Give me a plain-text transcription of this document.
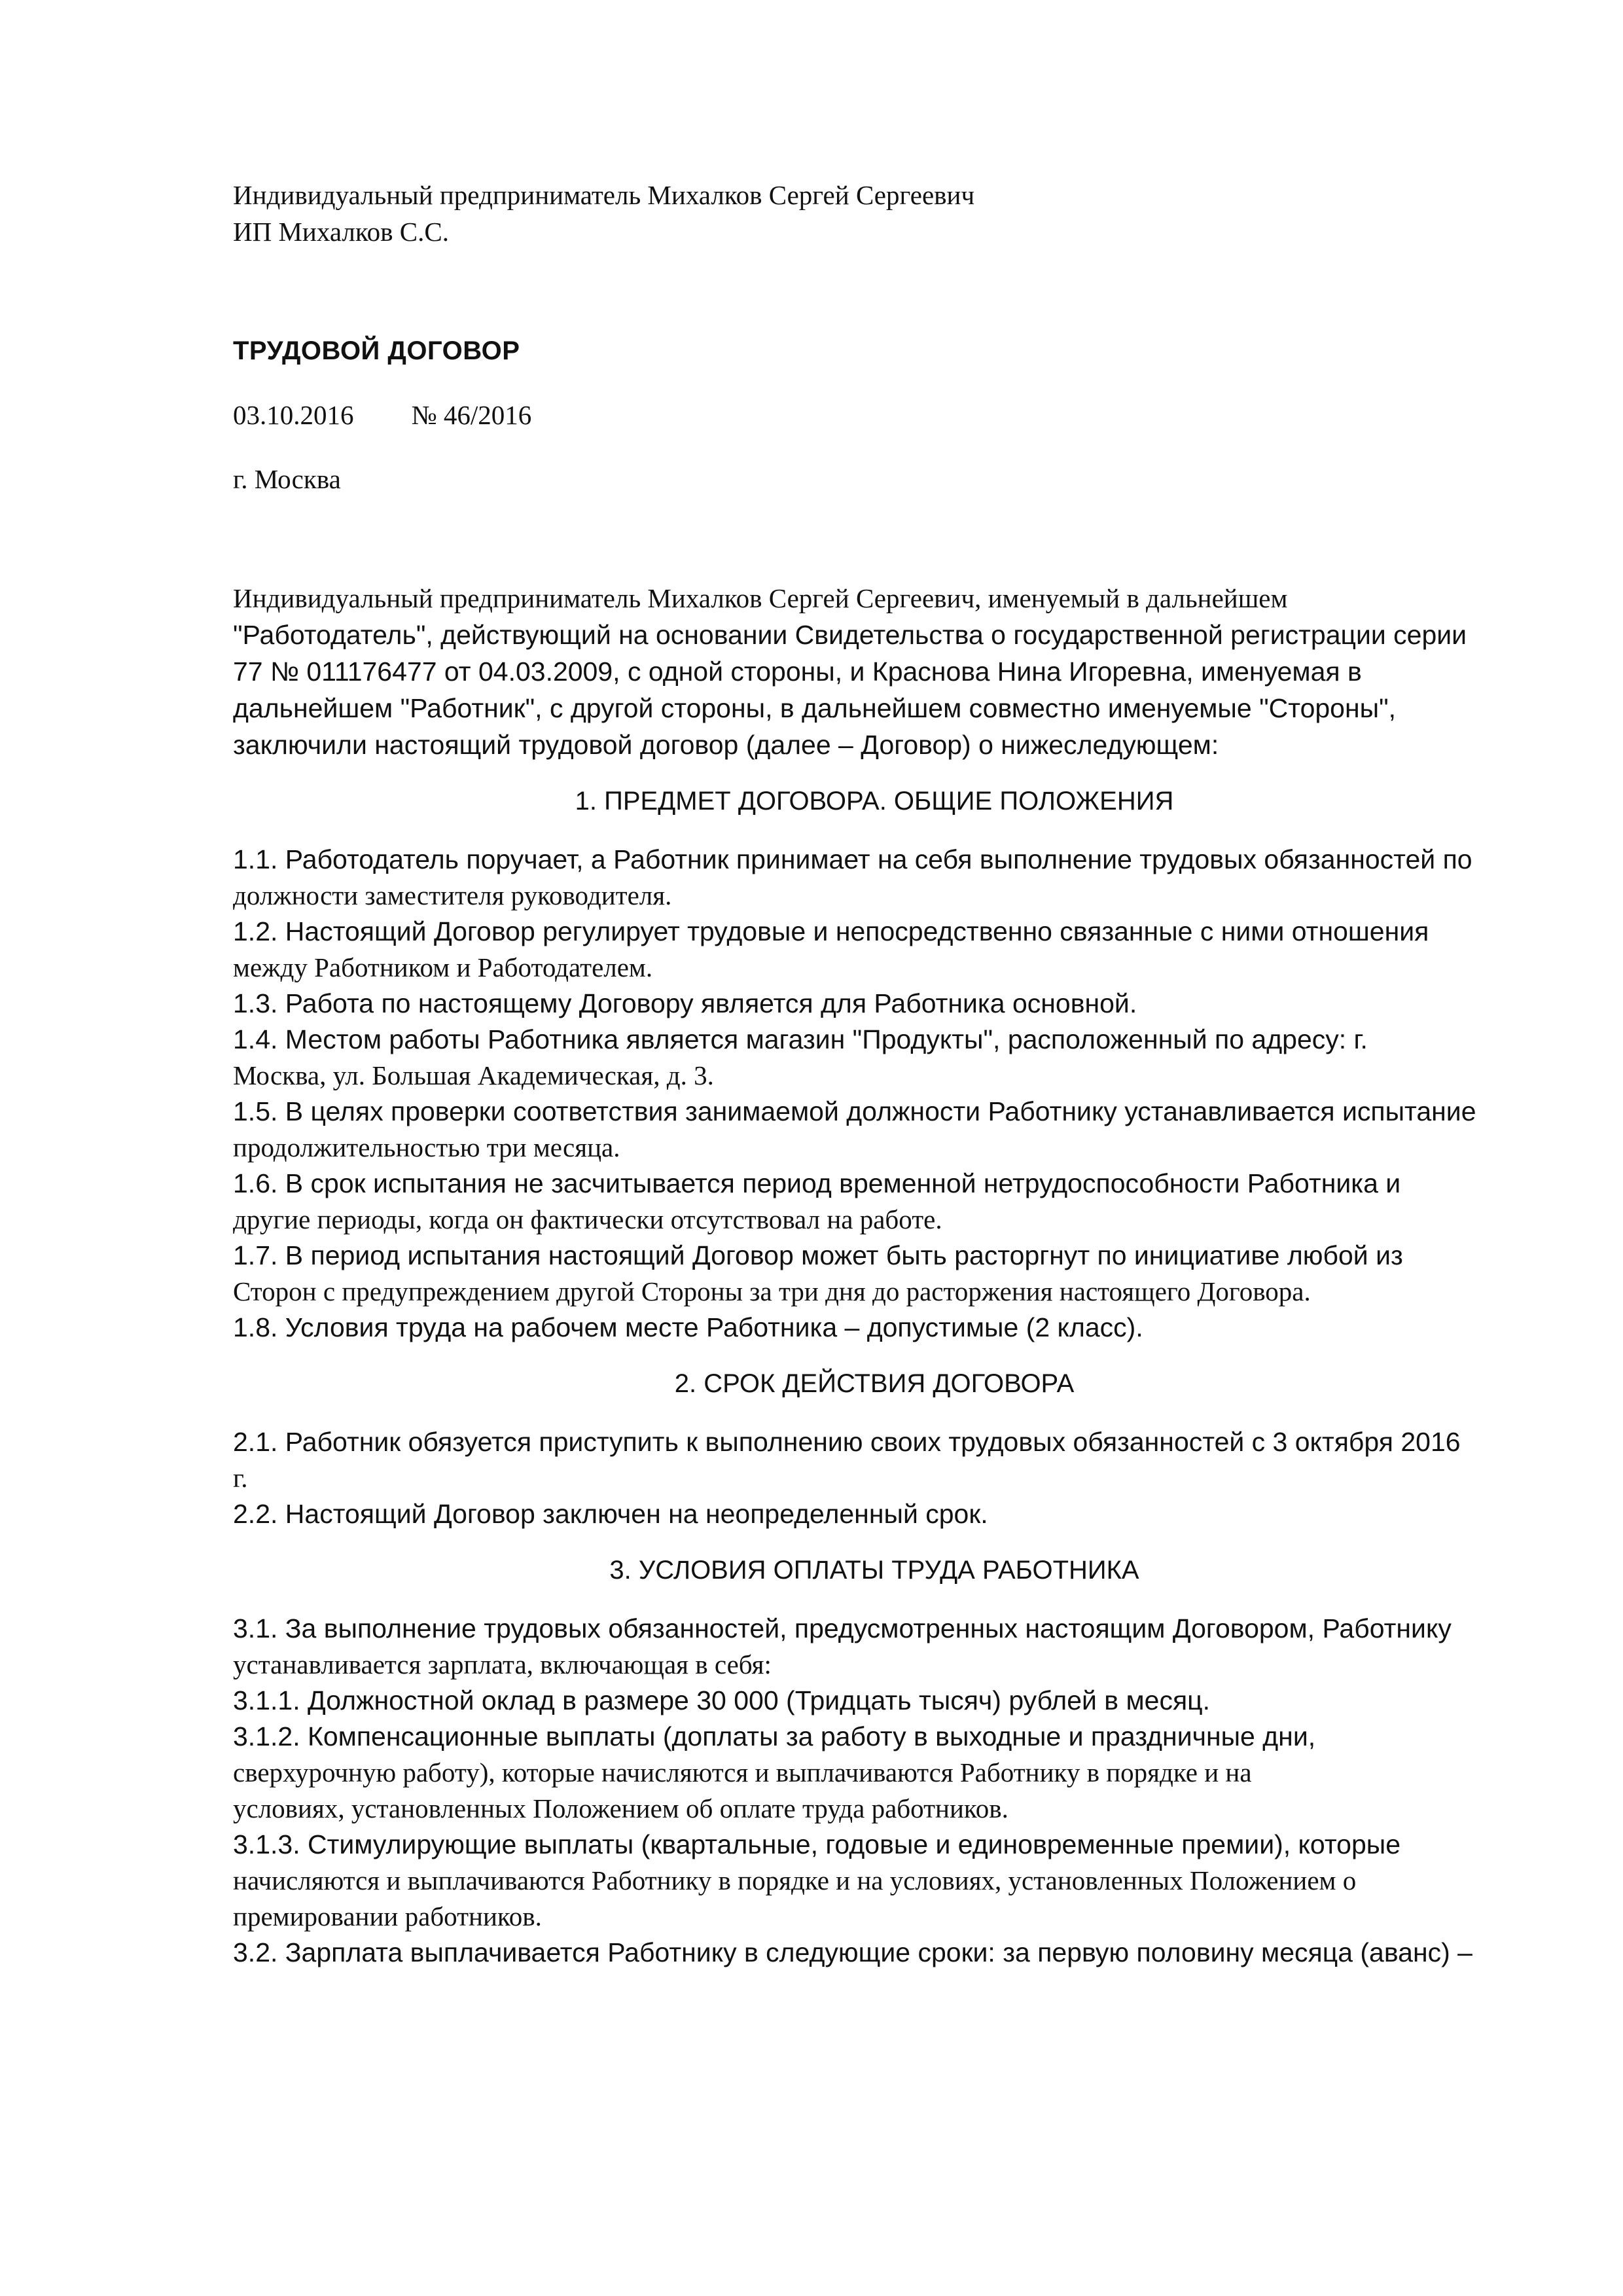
Индивидуальный предприниматель Михалков Сергей Сергеевич

ИП Михалков С.С.

ТРУДОВОЙ ДОГОВОР
03.10.2016 № 46/2016
г. Москва

Индивидуальный предприниматель Михалков Сергей Сергеевич, именуемый в дальнейшем

"Работодатель", действующий на основании Свидетельства о государственной регистрации серии

77 № 011176477 от 04.03.2009, с одной стороны, и Краснова Нина Игоревна, именуемая в

дальнейшем "Работник", с другой стороны, в дальнейшем совместно именуемые "Стороны",

заключили настоящий трудовой договор (далее – Договор) о нижеследующем:

1. ПРЕДМЕТ ДОГОВОРА. ОБЩИЕ ПОЛОЖЕНИЯ

1.1. Работодатель поручает, а Работник принимает на себя выполнение трудовых обязанностей по

должности заместителя руководителя.

1.2. Настоящий Договор регулирует трудовые и непосредственно связанные с ними отношения

между Работником и Работодателем.

1.3. Работа по настоящему Договору является для Работника основной.

1.4. Местом работы Работника является магазин "Продукты", расположенный по адресу: г.

Москва, ул. Большая Академическая, д. 3.

1.5. В целях проверки соответствия занимаемой должности Работнику устанавливается испытание

продолжительностью три месяца.

1.6. В срок испытания не засчитывается период временной нетрудоспособности Работника и

другие периоды, когда он фактически отсутствовал на работе.

1.7. В период испытания настоящий Договор может быть расторгнут по инициативе любой из

Сторон с предупреждением другой Стороны за три дня до расторжения настоящего Договора.

1.8. Условия труда на рабочем месте Работника – допустимые (2 класс).

2. СРОК ДЕЙСТВИЯ ДОГОВОРА

2.1. Работник обязуется приступить к выполнению своих трудовых обязанностей с 3 октября 2016

г.

2.2. Настоящий Договор заключен на неопределенный срок.

3. УСЛОВИЯ ОПЛАТЫ ТРУДА РАБОТНИКА

3.1. За выполнение трудовых обязанностей, предусмотренных настоящим Договором, Работнику

устанавливается зарплата, включающая в себя:

3.1.1. Должностной оклад в размере 30 000 (Тридцать тысяч) рублей в месяц.

3.1.2. Компенсационные выплаты (доплаты за работу в выходные и праздничные дни,

сверхурочную работу), которые начисляются и выплачиваются Работнику в порядке и на

условиях, установленных Положением об оплате труда работников.

3.1.3. Стимулирующие выплаты (квартальные, годовые и единовременные премии), которые

начисляются и выплачиваются Работнику в порядке и на условиях, установленных Положением о

премировании работников.

3.2. Зарплата выплачивается Работнику в следующие сроки: за первую половину месяца (аванс) –
